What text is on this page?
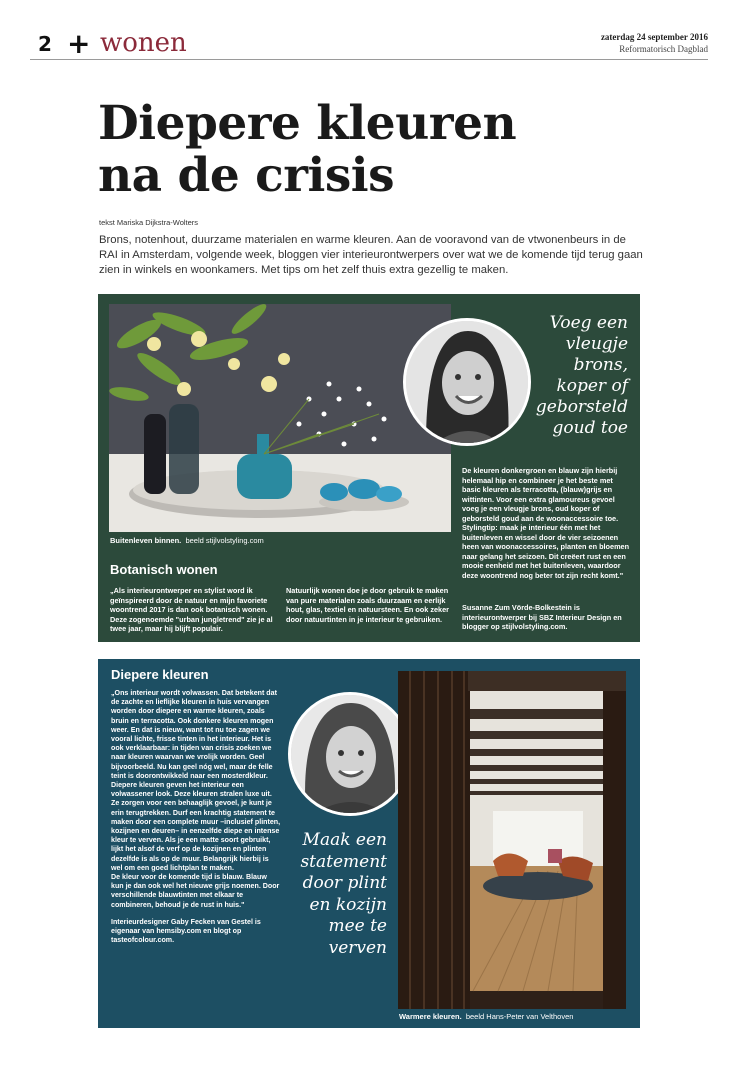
2 + wonen	zaterdag 24 september 2016
Reformatorisch Dagblad
Diepere kleuren
na de crisis
tekst Mariska Dijkstra-Wolters
Brons, notenhout, duurzame materialen en warme kleuren. Aan de vooravond van de vtwonenbeurs in de RAI in Amsterdam, volgende week, bloggen vier interieurontwerpers over wat we de komende tijd terug gaan zien in winkels en woonkamers. Met tips om het zelf thuis extra gezellig te maken.
Buitenleven binnen. beeld stijlvolstyling.com
Voeg een
vleugje
brons,
koper of
geborsteld
goud toe
Botanisch wonen
„Als interieurontwerper en stylist word ik geïnspireerd door de natuur en mijn favoriete woontrend 2017 is dan ook botanisch wonen. Deze zogenoemde "urban jungletrend" zie je al twee jaar, maar hij blijft populair.
Natuurlijk wonen doe je door gebruik te maken van pure materialen zoals duurzaam en eerlijk hout, glas, textiel en natuursteen. En ook zeker door natuurtinten in je interieur te gebruiken.
De kleuren donkergroen en blauw zijn hierbij helemaal hip en combineer je het beste met basic kleuren als terracotta, (blauw)grijs en wittinten. Voor een extra glamoureus gevoel voeg je een vleugje brons, oud koper of geborsteld goud aan de woonaccessoire toe. Stylingtip: maak je interieur één met het buitenleven en wissel door de vier seizoenen heen van woonaccessoires, planten en bloemen naar gelang het seizoen. Dit creëert rust en een mooie eenheid met het buitenleven, waardoor deze woontrend nog beter tot zijn recht komt."
Susanne Zum Vörde-Bolkestein is interieurontwerper bij SBZ Interieur Design en blogger op stijlvolstyling.com.
Diepere kleuren
„Ons interieur wordt volwassen. Dat betekent dat de zachte en lieflijke kleuren in huis vervangen worden door diepere en warme kleuren, zoals bruin en terracotta. Ook donkere kleuren mogen weer. En dat is nieuw, want tot nu toe zagen we vooral lichte, frisse tinten in het interieur. Het is ook verklaarbaar: in tijden van crisis zoeken we naar kleuren waarvan we vrolijk worden. Geel bijvoorbeeld. Nu kan geel nóg wel, maar de felle teint is doorontwikkeld naar een mosterdkleur.
Diepere kleuren geven het interieur een volwassener look. Deze kleuren stralen luxe uit. Ze zorgen voor een behaaglijk gevoel, je kunt je erin terugtrekken. Durf een krachtig statement te maken door een complete muur –inclusief plinten, kozijnen en deuren– in eenzelfde diepe en intense kleur te verven. Als je een matte soort gebruikt, lijkt het alsof de verf op de kozijnen en plinten dezelfde is als op de muur. Belangrijk hierbij is wel om een goed lichtplan te maken.
De kleur voor de komende tijd is blauw. Blauw kun je dan ook wel het nieuwe grijs noemen. Door verschillende blauwtinten met elkaar te combineren, behoud je de rust in huis."
Interieurdesigner Gaby Fecken van Gestel is eigenaar van hemsiby.com en blogt op tasteofcolour.com.
Maak een
statement
door plint
en kozijn
mee te
verven
Warmere kleuren. beeld Hans-Peter van Velthoven
